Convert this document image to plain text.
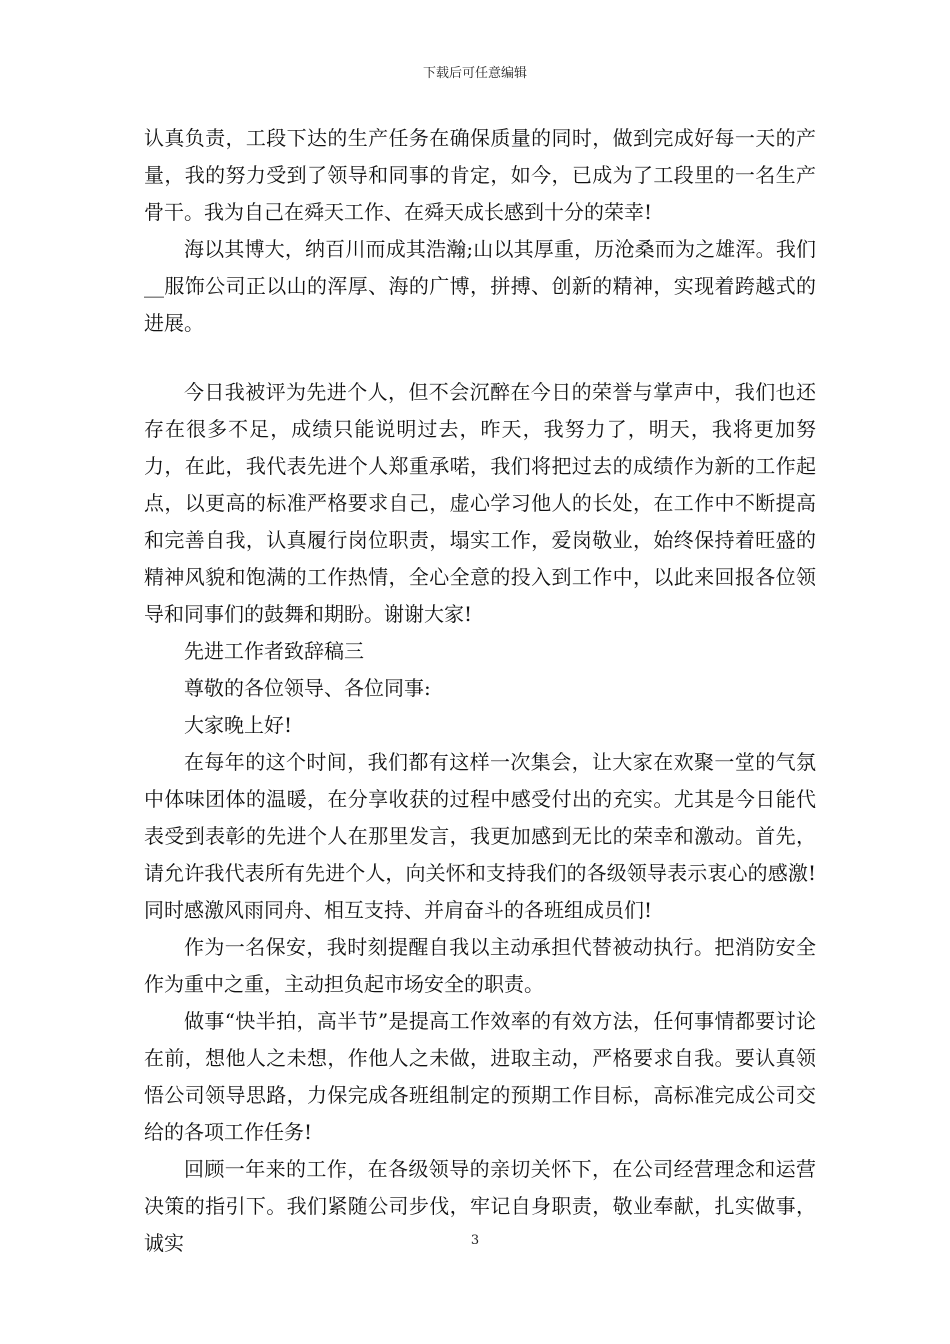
下载后可任意编辑

认真负责，工段下达的生产任务在确保质量的同时，做到完成好每一天的产量，我的努力受到了领导和同事的肯定，如今，已成为了工段里的一名生产骨干。我为自己在舜天工作、在舜天成长感到十分的荣幸!

海以其博大，纳百川而成其浩瀚;山以其厚重，历沧桑而为之雄浑。我们__服饰公司正以山的浑厚、海的广博，拼搏、创新的精神，实现着跨越式的进展。

今日我被评为先进个人，但不会沉醉在今日的荣誉与掌声中，我们也还存在很多不足，成绩只能说明过去，昨天，我努力了，明天，我将更加努力，在此，我代表先进个人郑重承喏，我们将把过去的成绩作为新的工作起点，以更高的标准严格要求自己，虚心学习他人的长处，在工作中不断提高和完善自我，认真履行岗位职责，塌实工作，爱岗敬业，始终保持着旺盛的精神风貌和饱满的工作热情，全心全意的投入到工作中，以此来回报各位领导和同事们的鼓舞和期盼。谢谢大家!

先进工作者致辞稿三

尊敬的各位领导、各位同事:

大家晚上好!

在每年的这个时间，我们都有这样一次集会，让大家在欢聚一堂的气氛中体味团体的温暖，在分享收获的过程中感受付出的充实。尤其是今日能代表受到表彰的先进个人在那里发言，我更加感到无比的荣幸和激动。首先，请允许我代表所有先进个人，向关怀和支持我们的各级领导表示衷心的感激!同时感激风雨同舟、相互支持、并肩奋斗的各班组成员们!

作为一名保安，我时刻提醒自我以主动承担代替被动执行。把消防安全作为重中之重，主动担负起市场安全的职责。

做事“快半拍，高半节”是提高工作效率的有效方法，任何事情都要讨论在前，想他人之未想，作他人之未做，进取主动，严格要求自我。要认真领悟公司领导思路，力保完成各班组制定的预期工作目标，高标准完成公司交给的各项工作任务!

回顾一年来的工作，在各级领导的亲切关怀下，在公司经营理念和运营决策的指引下。我们紧随公司步伐，牢记自身职责，敬业奉献，扎实做事，诚实	3
